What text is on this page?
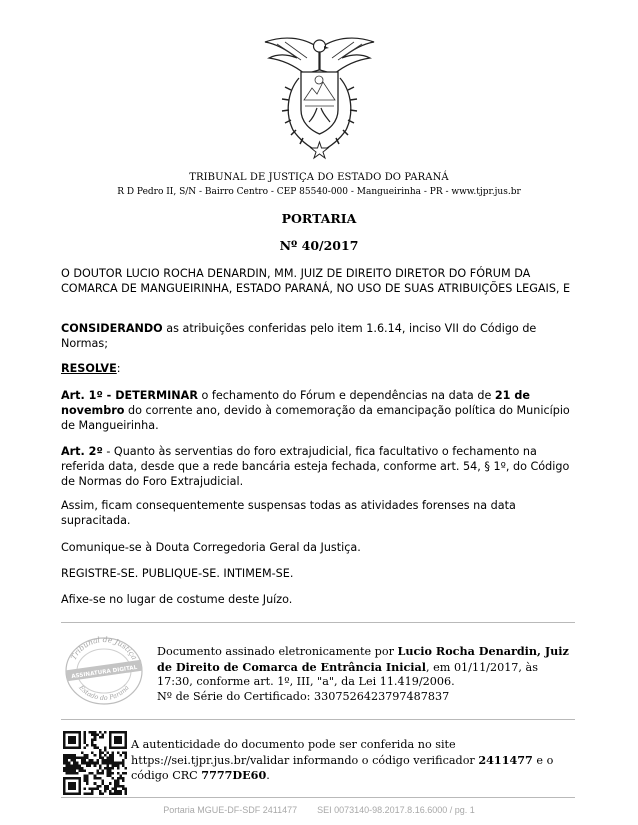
TRIBUNAL DE JUSTIÇA DO ESTADO DO PARANÁ
R D Pedro II, S/N - Bairro Centro - CEP 85540-000 - Mangueirinha - PR - www.tjpr.jus.br
PORTARIA
Nº 40/2017
O DOUTOR LUCIO ROCHA DENARDIN, MM. JUIZ DE DIREITO DIRETOR DO FÓRUM DA COMARCA DE MANGUEIRINHA, ESTADO PARANÁ, NO USO DE SUAS ATRIBUIÇÕES LEGAIS, E
CONSIDERANDO as atribuições conferidas pelo item 1.6.14, inciso VII do Código de Normas;
RESOLVE:
Art. 1º - DETERMINAR o fechamento do Fórum e dependências na data de 21 de novembro do corrente ano, devido à comemoração da emancipação política do Município de Mangueirinha.
Art. 2º - Quanto às serventias do foro extrajudicial, fica facultativo o fechamento na referida data, desde que a rede bancária esteja fechada, conforme art. 54, § 1º, do Código de Normas do Foro Extrajudicial.
Assim, ficam consequentemente suspensas todas as atividades forenses na data supracitada.
Comunique-se à Douta Corregedoria Geral da Justiça.
REGISTRE-SE. PUBLIQUE-SE. INTIMEM-SE.
Afixe-se no lugar de costume deste Juízo.
Tribunal de Justiça
Estado do Paraná
ASSINATURA DIGITAL
Documento assinado eletronicamente por Lucio Rocha Denardin, Juiz de Direito de Comarca de Entrância Inicial, em 01/11/2017, às 17:30, conforme art. 1º, III, "a", da Lei 11.419/2006.
Nº de Série do Certificado: 3307526423797487837
A autenticidade do documento pode ser conferida no site https://sei.tjpr.jus.br/validar informando o código verificador 2411477 e o código CRC 7777DE60.
Portaria MGUE-DF-SDF 2411477 SEI 0073140-98.2017.8.16.6000 / pg. 1
